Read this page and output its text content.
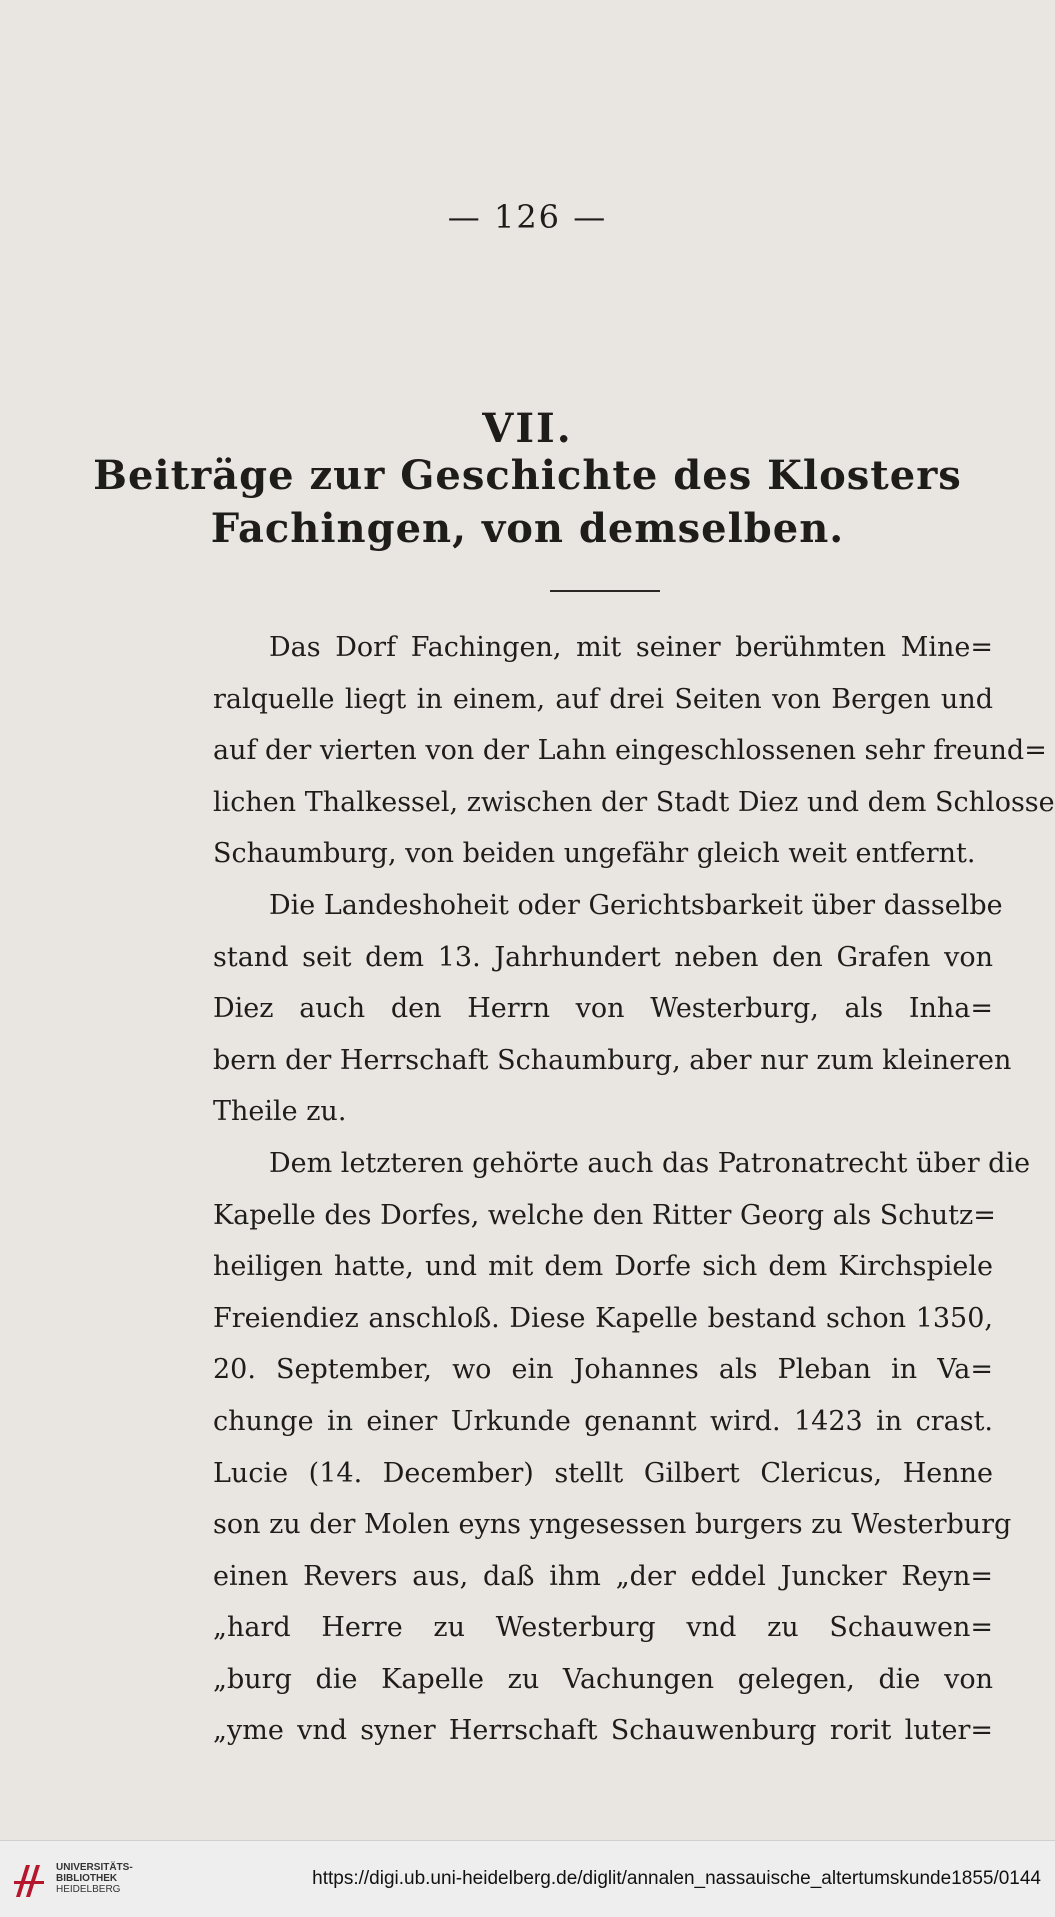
— 126 —
VII.
Beiträge zur Geschichte des Klosters
Fachingen, von demselben.

Das Dorf Fachingen, mit seiner berühmten Mine=
ralquelle liegt in einem, auf drei Seiten von Bergen und
auf der vierten von der Lahn eingeschlossenen sehr freund=
lichen Thalkessel, zwischen der Stadt Diez und dem Schlosse
Schaumburg, von beiden ungefähr gleich weit entfernt.

Die Landeshoheit oder Gerichtsbarkeit über dasselbe
stand seit dem 13. Jahrhundert neben den Grafen von
Diez auch den Herrn von Westerburg, als Inha=
bern der Herrschaft Schaumburg, aber nur zum kleineren
Theile zu.

Dem letzteren gehörte auch das Patronatrecht über die
Kapelle des Dorfes, welche den Ritter Georg als Schutz=
heiligen hatte, und mit dem Dorfe sich dem Kirchspiele
Freiendiez anschloß. Diese Kapelle bestand schon 1350,
20. September, wo ein Johannes als Pleban in Va=
chunge in einer Urkunde genannt wird. 1423 in crast.
Lucie (14. December) stellt Gilbert Clericus, Henne
son zu der Molen eyns yngesessen burgers zu Westerburg
einen Revers aus, daß ihm „der eddel Juncker Reyn=
„hard Herre zu Westerburg vnd zu Schauwen=
„burg die Kapelle zu Vachungen gelegen, die von
„yme vnd syner Herrschaft Schauwenburg rorit luter=

UNIVERSITÄTS-
BIBLIOTHEK
HEIDELBERG
https://digi.ub.uni-heidelberg.de/diglit/annalen_nassauische_altertumskunde1855/0144
